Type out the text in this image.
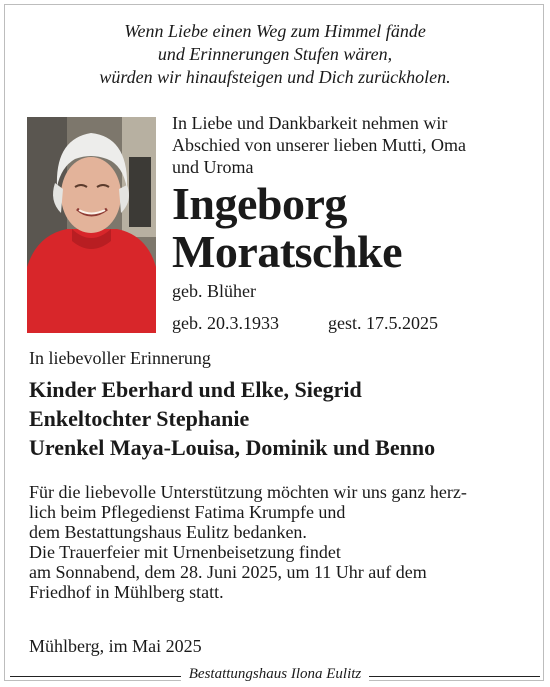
Wenn Liebe einen Weg zum Himmel fände
und Erinnerungen Stufen wären,
würden wir hinaufsteigen und Dich zurückholen.
In Liebe und Dankbarkeit nehmen wir
Abschied von unserer lieben Mutti, Oma
und Uroma
Ingeborg
Moratschke
geb. Blüher
geb. 20.3.1933	gest. 17.5.2025
In liebevoller Erinnerung
Kinder Eberhard und Elke, Siegrid
Enkeltochter Stephanie
Urenkel Maya-Louisa, Dominik und Benno
Für die liebevolle Unterstützung möchten wir uns ganz herz-
lich beim Pflegedienst Fatima Krumpfe und
dem Bestattungshaus Eulitz bedanken.
Die Trauerfeier mit Urnenbeisetzung findet
am Sonnabend, dem 28. Juni 2025, um 11 Uhr auf dem
Friedhof in Mühlberg statt.
Mühlberg, im Mai 2025
Bestattungshaus Ilona Eulitz
